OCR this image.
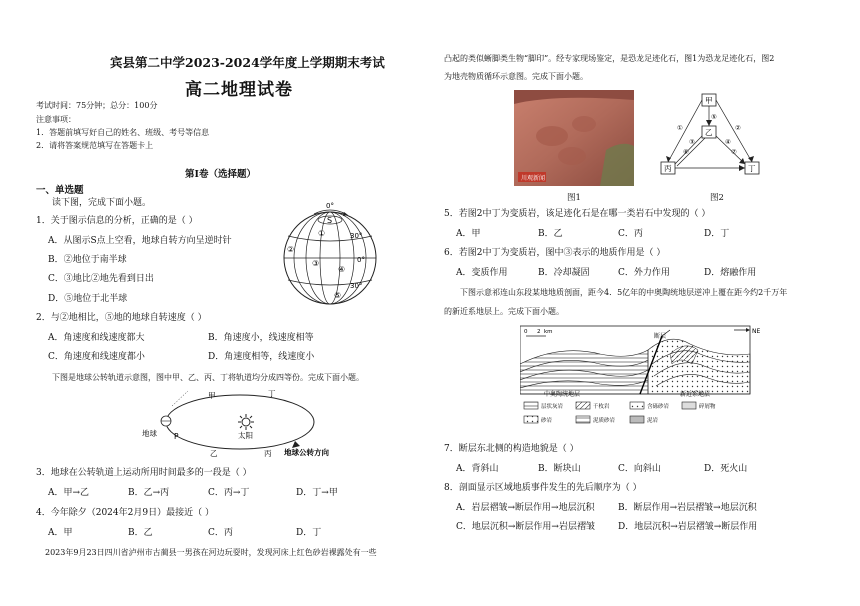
宾县第二中学2023-2024学年度上学期期末考试
高二地理试卷
考试时间：75分钟；总分：100分
注意事项：
1．答题前填写好自己的姓名、班级、考号等信息
2．请将答案规范填写在答题卡上
第Ⅰ卷（选择题）
一、单选题
读下图，完成下面小题。
1．关于图示信息的分析，正确的是（ ）
A．从图示S点上空看，地球自转方向呈逆时针
B．②地位于南半球
C．③地比②地先看到日出
D．⑤地位于北半球
0°
S
30°
0°
30°
①
②
③
④
⑤
2．与②地相比，⑤地的地球自转速度（ ）
A．角速度和线速度都大	B．角速度小，线速度相等
C．角速度和线速度都小	D．角速度相等，线速度小
下图是地球公转轨道示意图，图中甲、乙、丙、丁将轨道均分成四等份。完成下面小题。
甲	丁
地球 P	太阳
乙	丙 地球公转方向
3．地球在公转轨道上运动所用时间最多的一段是（ ）
A．甲→乙	B．乙→丙	C．丙→丁	D．丁→甲
4．今年除夕（2024年2月9日）最接近（ ）
A．甲	B．乙	C．丙	D．丁
2023年9月23日四川省泸州市古蔺县一男孩在河边玩耍时，发现河床上红色砂岩裸露处有一些
凸起的类似蜥脚类生物“脚印”。经专家现场鉴定，是恐龙足迹化石，图1为恐龙足迹化石，图2
为地壳物质循环示意图。完成下面小题。
川观新闻
图1
甲
乙
丙	丁
①	②
③	④
⑤
⑥	⑦
图2
5．若图2中丁为变质岩，该足迹化石是在哪一类岩石中发现的（ ）
A．甲	B．乙	C．丙	D．丁
6．若图2中丁为变质岩，图中③表示的地质作用是（ ）
A．变质作用	B．冷却凝固	C．外力作用	D．熔融作用
下图示意祁连山东段某地地质剖面，距今4．5亿年的中奥陶统地层逆冲上覆在距今约2千万年
的新近系地层上。完成下面小题。
0 2 km	NE
断层
中奥陶统地层	新近系地层
层状灰岩	千枚岩	含砾砂岩	碎屑物
砂岩	泥质砂岩	泥岩
7．断层东北侧的构造地貌是（ ）
A．背斜山	B．断块山	C．向斜山	D．死火山
8．剖面显示区域地质事件发生的先后顺序为（ ）
A．岩层褶皱→断层作用→地层沉积	B．断层作用→岩层褶皱→地层沉积
C．地层沉积→断层作用→岩层褶皱	D．地层沉积→岩层褶皱→断层作用
